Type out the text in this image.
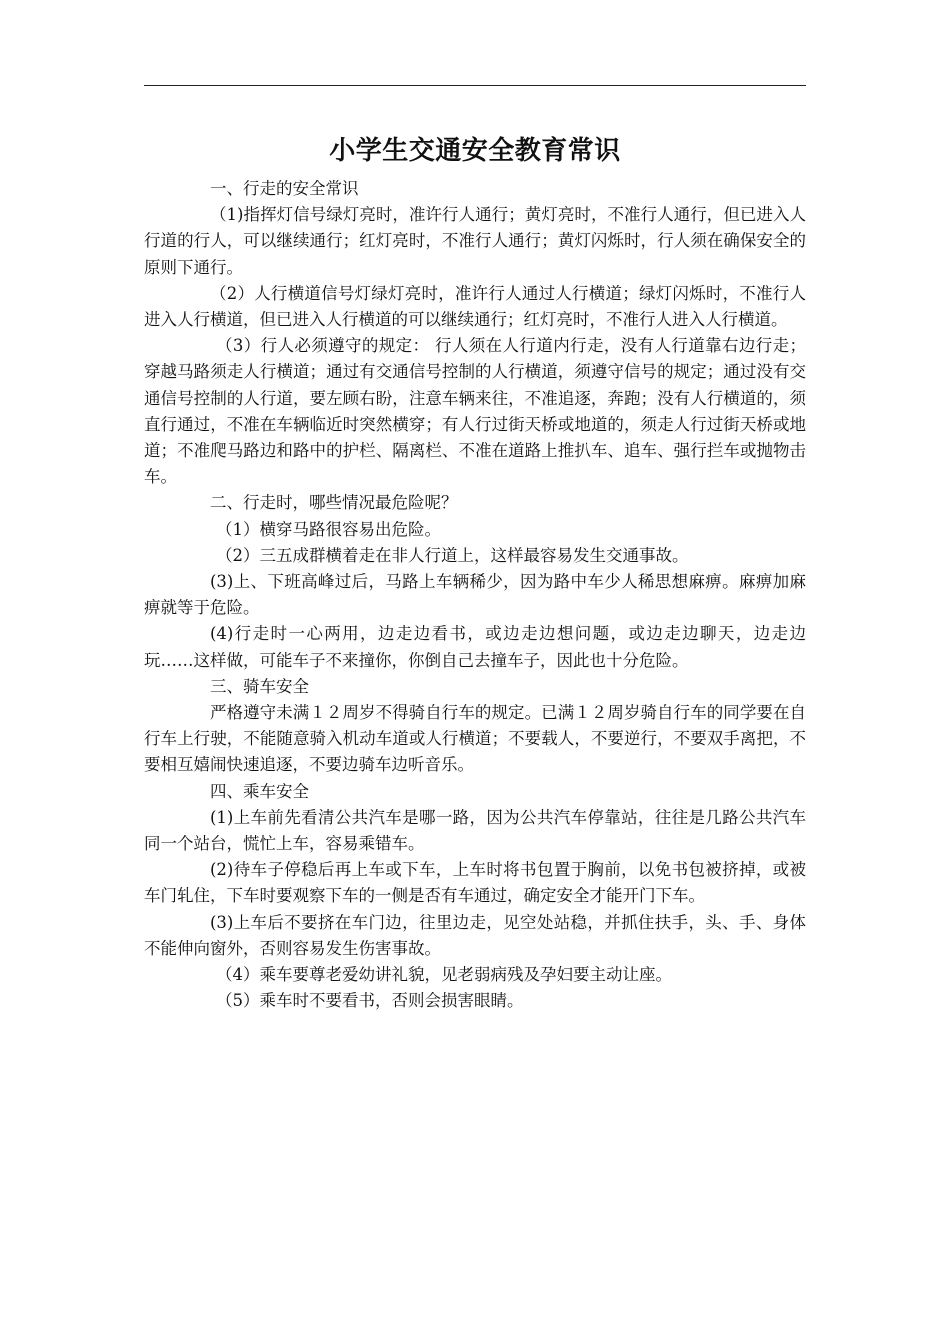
小学生交通安全教育常识

一、行走的安全常识

（1)指挥灯信号绿灯亮时，准许行人通行；黄灯亮时，不准行人通行，但已进入人行道的行人，可以继续通行；红灯亮时，不准行人通行；黄灯闪烁时，行人须在确保安全的原则下通行。

（2）人行横道信号灯绿灯亮时，准许行人通过人行横道；绿灯闪烁时，不准行人进入人行横道，但已进入人行横道的可以继续通行；红灯亮时，不准行人进入人行横道。

（3）行人必须遵守的规定： 行人须在人行道内行走，没有人行道靠右边行走；穿越马路须走人行横道；通过有交通信号控制的人行横道，须遵守信号的规定；通过没有交通信号控制的人行道，要左顾右盼，注意车辆来往，不准追逐，奔跑；没有人行横道的，须直行通过，不准在车辆临近时突然横穿；有人行过街天桥或地道的，须走人行过街天桥或地道；不准爬马路边和路中的护栏、隔离栏、不准在道路上推扒车、追车、强行拦车或抛物击车。

二、行走时，哪些情况最危险呢？

（1）横穿马路很容易出危险。

（2）三五成群横着走在非人行道上，这样最容易发生交通事故。

(3)上、下班高峰过后，马路上车辆稀少，因为路中车少人稀思想麻痹。麻痹加麻痹就等于危险。

(4)行走时一心两用，边走边看书，或边走边想问题，或边走边聊天，边走边玩……这样做，可能车子不来撞你，你倒自己去撞车子，因此也十分危险。

三、骑车安全

严格遵守未满１２周岁不得骑自行车的规定。已满１２周岁骑自行车的同学要在自行车上行驶，不能随意骑入机动车道或人行横道；不要载人，不要逆行，不要双手离把，不要相互嬉闹快速追逐，不要边骑车边听音乐。

四、乘车安全

(1)上车前先看清公共汽车是哪一路，因为公共汽车停靠站，往往是几路公共汽车同一个站台，慌忙上车，容易乘错车。

(2)待车子停稳后再上车或下车，上车时将书包置于胸前，以免书包被挤掉，或被车门轧住，下车时要观察下车的一侧是否有车通过，确定安全才能开门下车。

(3)上车后不要挤在车门边，往里边走，见空处站稳，并抓住扶手，头、手、身体不能伸向窗外，否则容易发生伤害事故。

（4）乘车要尊老爱幼讲礼貌，见老弱病残及孕妇要主动让座。

（5）乘车时不要看书，否则会损害眼睛。
